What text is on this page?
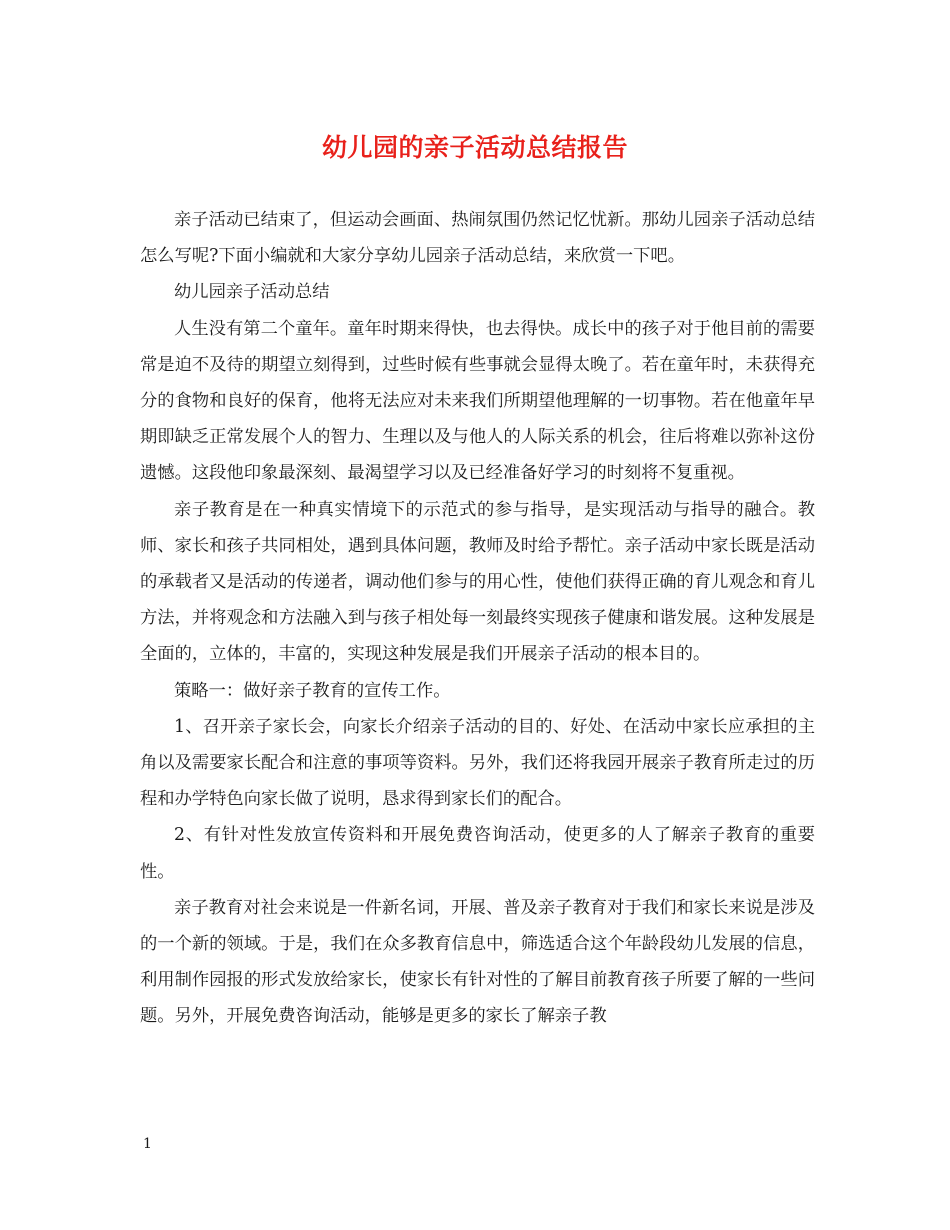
幼儿园的亲子活动总结报告

亲子活动已结束了，但运动会画面、热闹氛围仍然记忆忧新。那幼儿园亲子活动总结怎么写呢?下面小编就和大家分享幼儿园亲子活动总结，来欣赏一下吧。

幼儿园亲子活动总结

人生没有第二个童年。童年时期来得快，也去得快。成长中的孩子对于他目前的需要常是迫不及待的期望立刻得到，过些时候有些事就会显得太晚了。若在童年时，未获得充分的食物和良好的保育，他将无法应对未来我们所期望他理解的一切事物。若在他童年早期即缺乏正常发展个人的智力、生理以及与他人的人际关系的机会，往后将难以弥补这份遗憾。这段他印象最深刻、最渴望学习以及已经准备好学习的时刻将不复重视。

亲子教育是在一种真实情境下的示范式的参与指导，是实现活动与指导的融合。教师、家长和孩子共同相处，遇到具体问题，教师及时给予帮忙。亲子活动中家长既是活动的承载者又是活动的传递者，调动他们参与的用心性，使他们获得正确的育儿观念和育儿方法，并将观念和方法融入到与孩子相处每一刻最终实现孩子健康和谐发展。这种发展是全面的，立体的，丰富的，实现这种发展是我们开展亲子活动的根本目的。

策略一：做好亲子教育的宣传工作。

1、召开亲子家长会，向家长介绍亲子活动的目的、好处、在活动中家长应承担的主角以及需要家长配合和注意的事项等资料。另外，我们还将我园开展亲子教育所走过的历程和办学特色向家长做了说明，恳求得到家长们的配合。

2、有针对性发放宣传资料和开展免费咨询活动，使更多的人了解亲子教育的重要性。

亲子教育对社会来说是一件新名词，开展、普及亲子教育对于我们和家长来说是涉及的一个新的领域。于是，我们在众多教育信息中，筛选适合这个年龄段幼儿发展的信息，利用制作园报的形式发放给家长，使家长有针对性的了解目前教育孩子所要了解的一些问题。另外，开展免费咨询活动，能够是更多的家长了解亲子教

1
